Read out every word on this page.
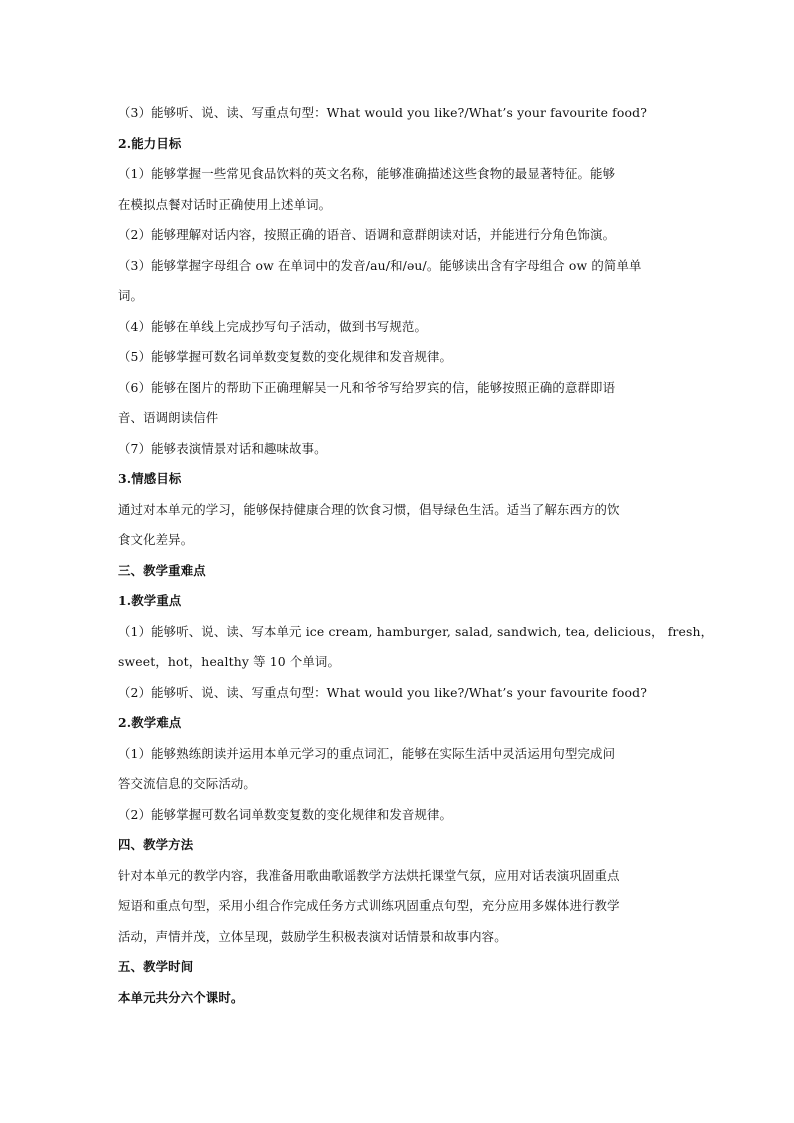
（3）能够听、说、读、写重点句型：What would you like?/What’s your favourite food?

2.能力目标

（1）能够掌握一些常见食品饮料的英文名称，能够准确描述这些食物的最显著特征。能够

在模拟点餐对话时正确使用上述单词。

（2）能够理解对话内容，按照正确的语音、语调和意群朗读对话，并能进行分角色饰演。

（3）能够掌握字母组合 ow 在单词中的发音/au/和/əu/。能够读出含有字母组合 ow 的简单单

词。

（4）能够在单线上完成抄写句子活动，做到书写规范。

（5）能够掌握可数名词单数变复数的变化规律和发音规律。

（6）能够在图片的帮助下正确理解吴一凡和爷爷写给罗宾的信，能够按照正确的意群即语

音、语调朗读信件

（7）能够表演情景对话和趣味故事。

3.情感目标

通过对本单元的学习，能够保持健康合理的饮食习惯，倡导绿色生活。适当了解东西方的饮

食文化差异。

三、教学重难点

1.教学重点

（1）能够听、说、读、写本单元 ice cream, hamburger, salad, sandwich, tea, delicious， fresh，

sweet，hot，healthy 等 10 个单词。

（2）能够听、说、读、写重点句型：What would you like?/What’s your favourite food?

2.教学难点

（1）能够熟练朗读并运用本单元学习的重点词汇，能够在实际生活中灵活运用句型完成问

答交流信息的交际活动。

（2）能够掌握可数名词单数变复数的变化规律和发音规律。

四、教学方法

针对本单元的教学内容，我准备用歌曲歌谣教学方法烘托课堂气氛，应用对话表演巩固重点

短语和重点句型，采用小组合作完成任务方式训练巩固重点句型，充分应用多媒体进行教学

活动，声情并茂，立体呈现，鼓励学生积极表演对话情景和故事内容。

五、教学时间

本单元共分六个课时。
